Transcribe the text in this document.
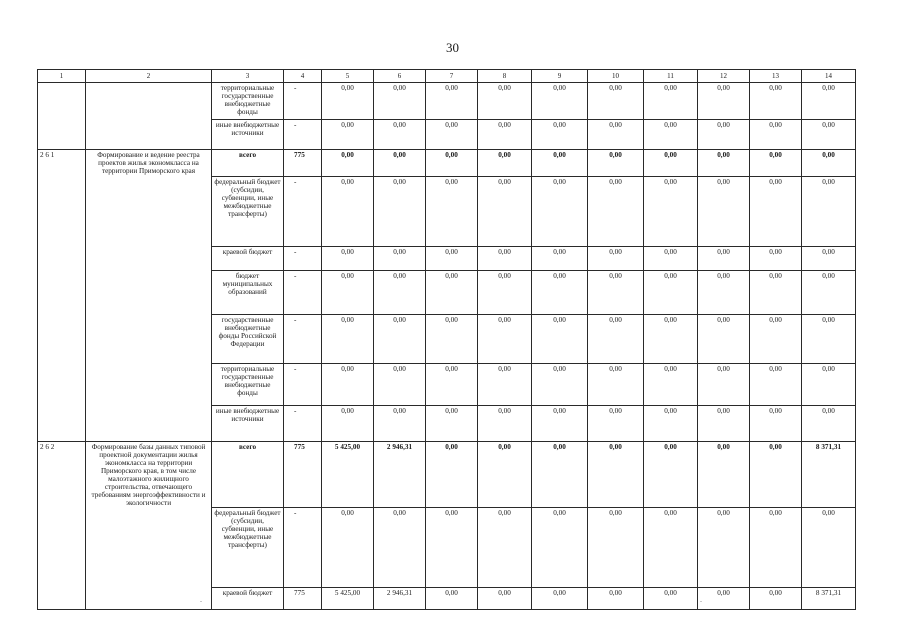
30
1	2	3	4	5	6	7	8	9	10	11	12	13	14
		территориальные государственные внебюджетные фонды	-	0,00	0,00	0,00	0,00	0,00	0,00	0,00	0,00	0,00	0,00
		иные внебюджетные источники	-	0,00	0,00	0,00	0,00	0,00	0,00	0,00	0,00	0,00	0,00
2 6 1	Формирование и ведение реестра проектов жилья экономкласса на территории Приморского края	всего	775	0,00	0,00	0,00	0,00	0,00	0,00	0,00	0,00	0,00	0,00
		федеральный бюджет (субсидии, субвенции, иные межбюджетные трансферты)	-	0,00	0,00	0,00	0,00	0,00	0,00	0,00	0,00	0,00	0,00
		краевой бюджет	-	0,00	0,00	0,00	0,00	0,00	0,00	0,00	0,00	0,00	0,00
		бюджет муниципальных образований	-	0,00	0,00	0,00	0,00	0,00	0,00	0,00	0,00	0,00	0,00
		государственные внебюджетные фонды Российской Федерации	-	0,00	0,00	0,00	0,00	0,00	0,00	0,00	0,00	0,00	0,00
		территориальные государственные внебюджетные фонды	-	0,00	0,00	0,00	0,00	0,00	0,00	0,00	0,00	0,00	0,00
		иные внебюджетные источники	-	0,00	0,00	0,00	0,00	0,00	0,00	0,00	0,00	0,00	0,00
2 6 2	Формирование базы данных типовой проектной документации жилья экономкласса на территории Приморского края, в том числе малоэтажного жилищного строительства, отвечающего требованиям энергоэффективности и экологичности	всего	775	5 425,00	2 946,31	0,00	0,00	0,00	0,00	0,00	0,00	0,00	8 371,31
		федеральный бюджет (субсидии, субвенции, иные межбюджетные трансферты)	-	0,00	0,00	0,00	0,00	0,00	0,00	0,00	0,00	0,00	0,00
		краевой бюджет	775	5 425,00	2 946,31	0,00	0,00	0,00	0,00	0,00	0,00	0,00	8 371,31
-	-
